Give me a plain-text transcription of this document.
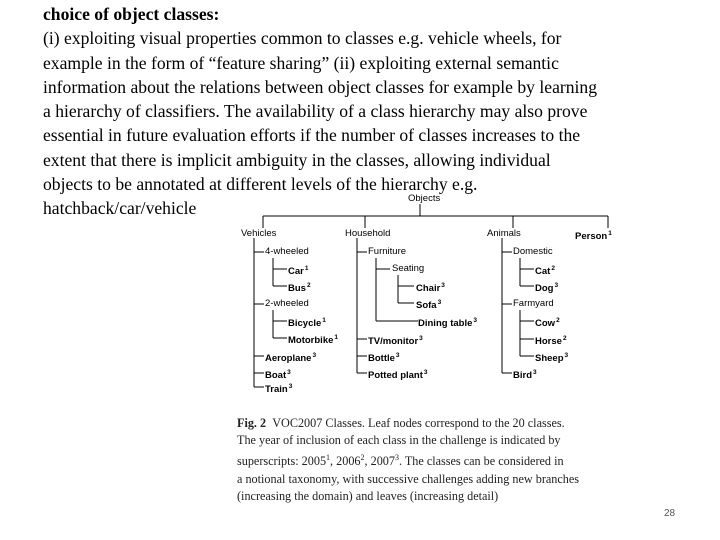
choice of object classes:
(i) exploiting visual properties common to classes e.g. vehicle wheels, for
example in the form of “feature sharing” (ii) exploiting external semantic
information about the relations between object classes for example by learning
a hierarchy of classifiers. The availability of a class hierarchy may also prove
essential in future evaluation efforts if the number of classes increases to the
extent that there is implicit ambiguity in the classes, allowing individual
objects to be annotated at different levels of the hierarchy e.g.
hatchback/car/vehicle	Objects
Vehicles	Household	Animals	Person$^1$
4-wheeled
Car$^1$
Bus$^2$
2-wheeled
Bicycle$^1$
Motorbike$^1$
Aeroplane$^3$
Boat$^3$
Train$^3$
Furniture
Seating
Chair$^3$
Sofa$^3$
Dining table$^3$
TV/monitor$^3$
Bottle$^3$
Potted plant$^3$
Domestic
Cat$^2$
Dog$^3$
Farmyard
Cow$^2$
Horse$^2$
Sheep$^3$
Bird$^3$
Fig. 2 VOC2007 Classes. Leaf nodes correspond to the 20 classes.
The year of inclusion of each class in the challenge is indicated by
superscripts: 2005$^1$, 2006$^2$, 2007$^3$. The classes can be considered in
a notional taxonomy, with successive challenges adding new branches
(increasing the domain) and leaves (increasing detail)
28
